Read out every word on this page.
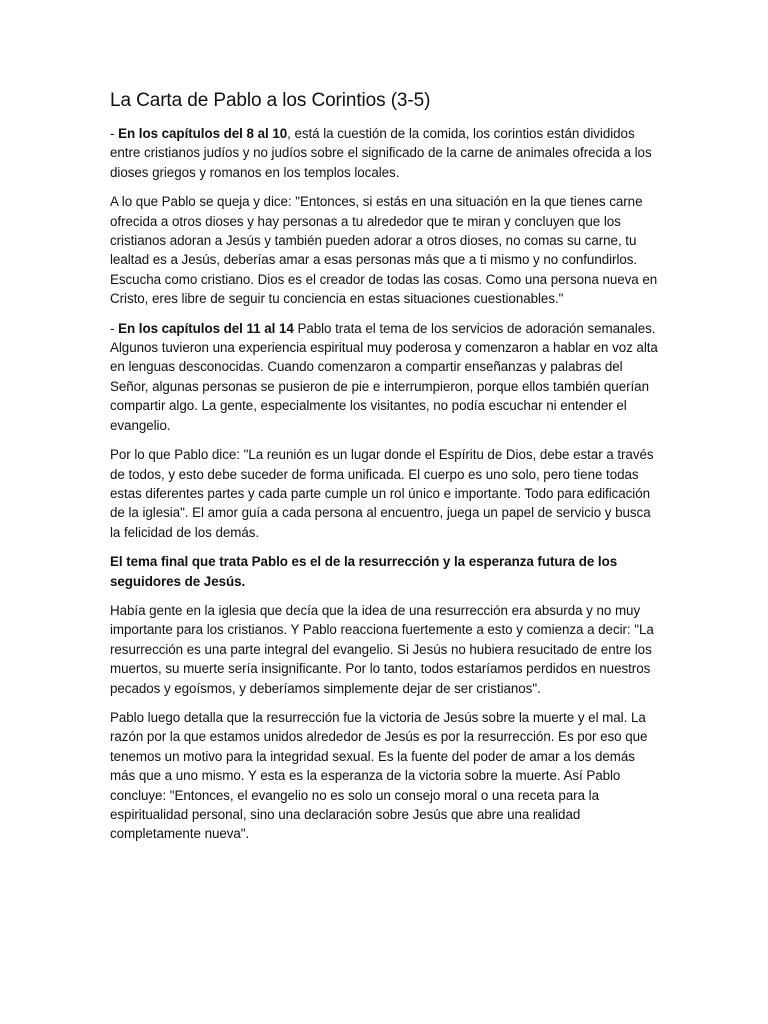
La Carta de Pablo a los Corintios (3-5)

- En los capítulos del 8 al 10, está la cuestión de la comida, los corintios están divididos entre cristianos judíos y no judíos sobre el significado de la carne de animales ofrecida a los dioses griegos y romanos en los templos locales.

A lo que Pablo se queja y dice: "Entonces, si estás en una situación en la que tienes carne ofrecida a otros dioses y hay personas a tu alrededor que te miran y concluyen que los cristianos adoran a Jesús y también pueden adorar a otros dioses, no comas su carne, tu lealtad es a Jesús, deberías amar a esas personas más que a ti mismo y no confundirlos. Escucha como cristiano. Dios es el creador de todas las cosas. Como una persona nueva en Cristo, eres libre de seguir tu conciencia en estas situaciones cuestionables."

- En los capítulos del 11 al 14 Pablo trata el tema de los servicios de adoración semanales. Algunos tuvieron una experiencia espiritual muy poderosa y comenzaron a hablar en voz alta en lenguas desconocidas. Cuando comenzaron a compartir enseñanzas y palabras del Señor, algunas personas se pusieron de pie e interrumpieron, porque ellos también querían compartir algo. La gente, especialmente los visitantes, no podía escuchar ni entender el evangelio.

Por lo que Pablo dice: "La reunión es un lugar donde el Espíritu de Dios, debe estar a través de todos, y esto debe suceder de forma unificada. El cuerpo es uno solo, pero tiene todas estas diferentes partes y cada parte cumple un rol único e importante. Todo para edificación de la iglesia". El amor guía a cada persona al encuentro, juega un papel de servicio y busca la felicidad de los demás.

El tema final que trata Pablo es el de la resurrección y la esperanza futura de los seguidores de Jesús.

Había gente en la iglesia que decía que la idea de una resurrección era absurda y no muy importante para los cristianos. Y Pablo reacciona fuertemente a esto y comienza a decir: "La resurrección es una parte integral del evangelio. Si Jesús no hubiera resucitado de entre los muertos, su muerte sería insignificante. Por lo tanto, todos estaríamos perdidos en nuestros pecados y egoísmos, y deberíamos simplemente dejar de ser cristianos".

Pablo luego detalla que la resurrección fue la victoria de Jesús sobre la muerte y el mal. La razón por la que estamos unidos alrededor de Jesús es por la resurrección. Es por eso que tenemos un motivo para la integridad sexual. Es la fuente del poder de amar a los demás más que a uno mismo. Y esta es la esperanza de la victoria sobre la muerte. Así Pablo concluye: "Entonces, el evangelio no es solo un consejo moral o una receta para la espiritualidad personal, sino una declaración sobre Jesús que abre una realidad completamente nueva".
